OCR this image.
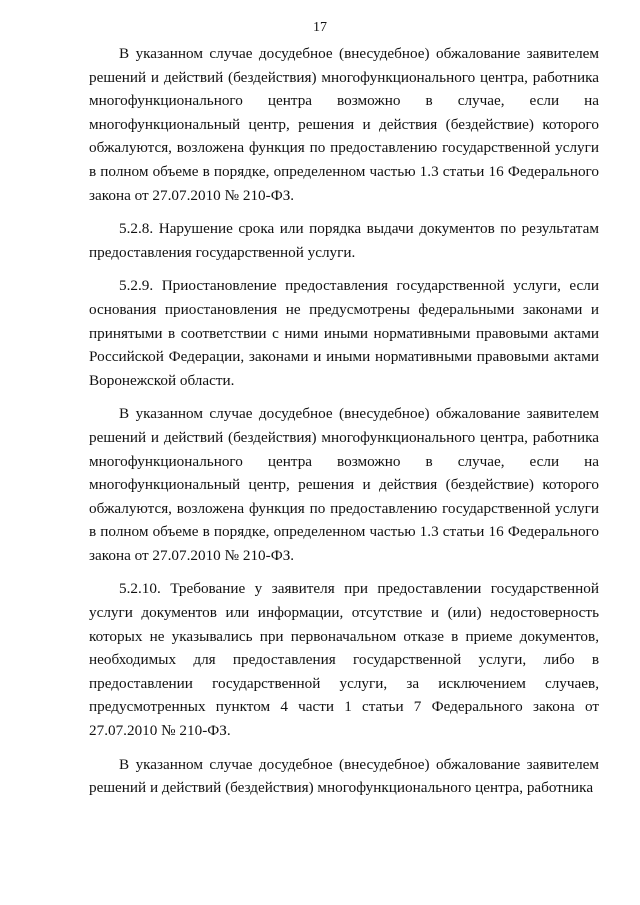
17

В указанном случае досудебное (внесудебное) обжалование заявителем решений и действий (бездействия) многофункционального центра, работника многофункционального центра возможно в случае, если на многофункциональный центр, решения и действия (бездействие) которого обжалуются, возложена функция по предоставлению государственной услуги в полном объеме в порядке, определенном частью 1.3 статьи 16 Федерального закона от 27.07.2010 № 210-ФЗ.

5.2.8. Нарушение срока или порядка выдачи документов по результатам предоставления государственной услуги.

5.2.9. Приостановление предоставления государственной услуги, если основания приостановления не предусмотрены федеральными законами и принятыми в соответствии с ними иными нормативными правовыми актами Российской Федерации, законами и иными нормативными правовыми актами Воронежской области.

В указанном случае досудебное (внесудебное) обжалование заявителем решений и действий (бездействия) многофункционального центра, работника многофункционального центра возможно в случае, если на многофункциональный центр, решения и действия (бездействие) которого обжалуются, возложена функция по предоставлению государственной услуги в полном объеме в порядке, определенном частью 1.3 статьи 16 Федерального закона от 27.07.2010 № 210-ФЗ.

5.2.10. Требование у заявителя при предоставлении государственной услуги документов или информации, отсутствие и (или) недостоверность которых не указывались при первоначальном отказе в приеме документов, необходимых для предоставления государственной услуги, либо в предоставлении государственной услуги, за исключением случаев, предусмотренных пунктом 4 части 1 статьи 7 Федерального закона от 27.07.2010 № 210-ФЗ.

В указанном случае досудебное (внесудебное) обжалование заявителем решений и действий (бездействия) многофункционального центра, работника
